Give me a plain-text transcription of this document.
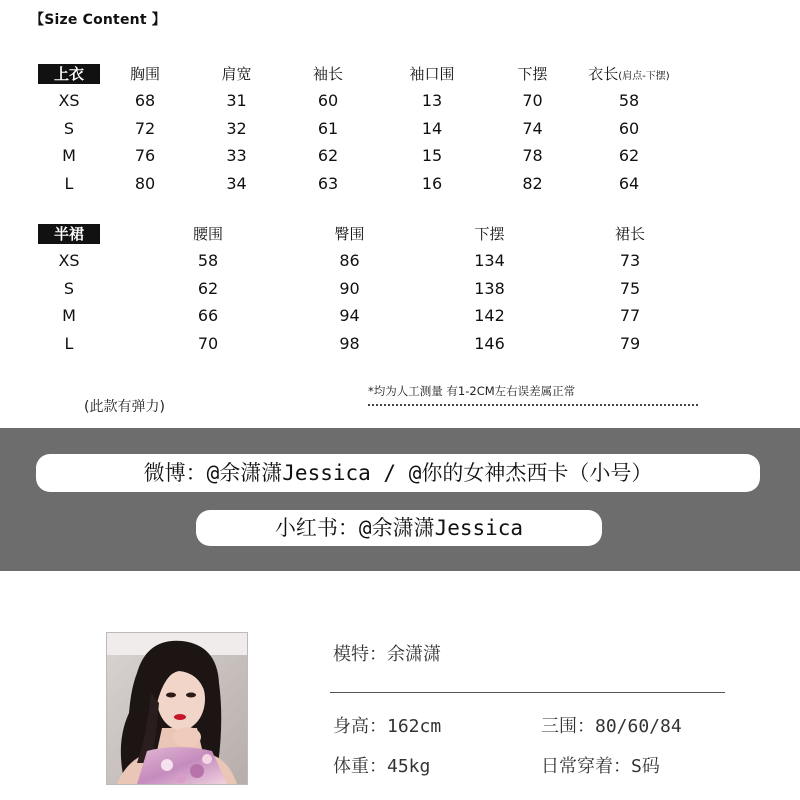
【Size Content 】
上衣	胸围	肩宽	袖长	袖口围	下摆	衣长(肩点-下摆)
XS	68	31	60	13	70	58
S	72	32	61	14	74	60
M	76	33	62	15	78	62
L	80	34	63	16	82	64
半裙	腰围	臀围	下摆	裙长
XS	58	86	134	73
S	62	90	138	75
M	66	94	142	77
L	70	98	146	79
*均为人工测量 有1-2CM左右误差属正常
(此款有弹力)
微博：@余潇潇Jessica / @你的女神杰西卡（小号）
小红书：@余潇潇Jessica
模特：余潇潇
身高：162cm	三围：80/60/84
体重：45kg	日常穿着：S码
